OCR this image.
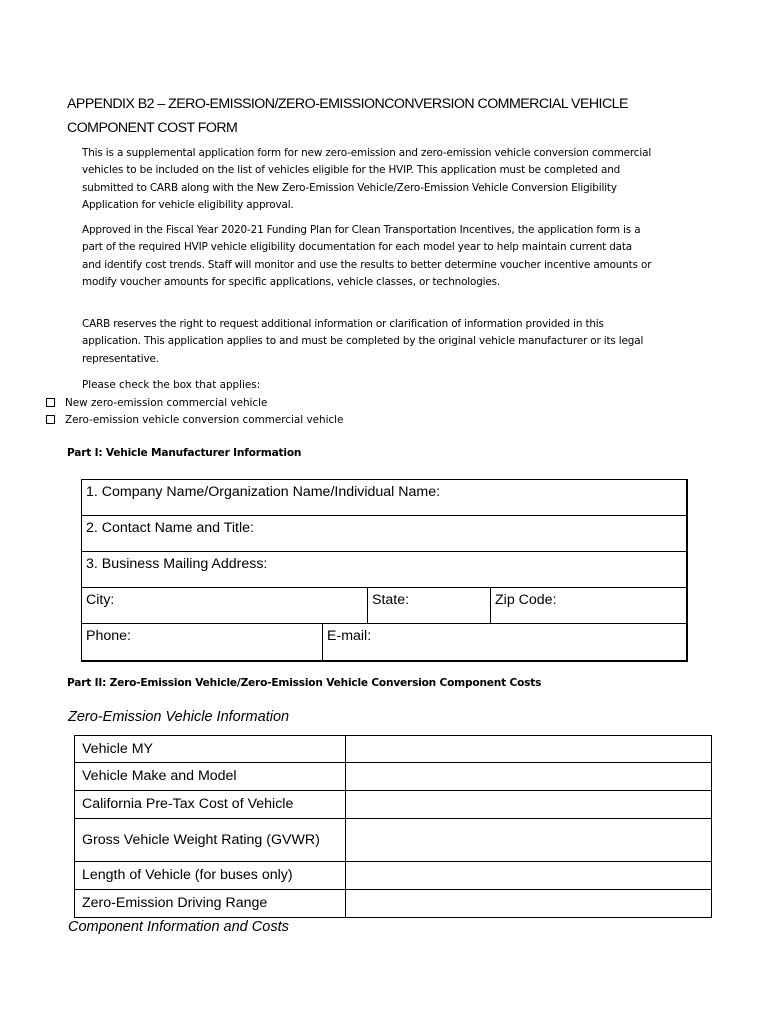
APPENDIX B2 – ZERO-EMISSION/ZERO-EMISSIONCONVERSION COMMERCIAL VEHICLE
COMPONENT COST FORM

This is a supplemental application form for new zero-emission and zero-emission vehicle conversion commercial vehicles to be included on the list of vehicles eligible for the HVIP. This application must be completed and submitted to CARB along with the New Zero-Emission Vehicle/Zero-Emission Vehicle Conversion Eligibility Application for vehicle eligibility approval.

Approved in the Fiscal Year 2020-21 Funding Plan for Clean Transportation Incentives, the application form is a part of the required HVIP vehicle eligibility documentation for each model year to help maintain current data and identify cost trends. Staff will monitor and use the results to better determine voucher incentive amounts or modify voucher amounts for specific applications, vehicle classes, or technologies.

CARB reserves the right to request additional information or clarification of information provided in this application. This application applies to and must be completed by the original vehicle manufacturer or its legal representative.

Please check the box that applies:
New zero-emission commercial vehicle
Zero-emission vehicle conversion commercial vehicle
Part I: Vehicle Manufacturer Information
1. Company Name/Organization Name/Individual Name:
2. Contact Name and Title:
3. Business Mailing Address:
City:	State:	Zip Code:
Phone:	E-mail:
Part II: Zero-Emission Vehicle/Zero-Emission Vehicle Conversion Component Costs
Zero-Emission Vehicle Information
Vehicle MY	
Vehicle Make and Model	
California Pre-Tax Cost of Vehicle	
Gross Vehicle Weight Rating (GVWR)	
Length of Vehicle (for buses only)	
Zero-Emission Driving Range	
Component Information and Costs
